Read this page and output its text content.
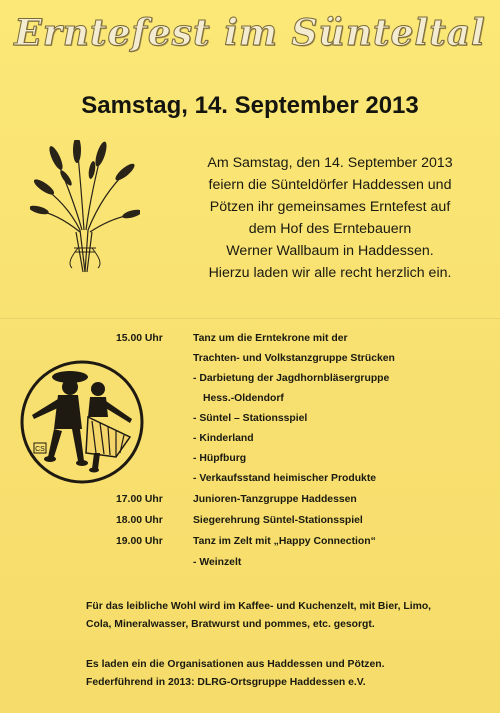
Erntefest im Sünteltal
Samstag, 14. September 2013
Am Samstag, den 14. September 2013
feiern die Sünteldörfer Haddessen und
Pötzen ihr gemeinsames Erntefest auf
dem Hof des Erntebauern
Werner Wallbaum in Haddessen.
Hierzu laden wir alle recht herzlich ein.
CS
15.00 Uhr	Tanz um die Erntekrone mit der
Trachten- und Volkstanzgruppe Strücken
- Darbietung der Jagdhornbläsergruppe
Hess.-Oldendorf
- Süntel – Stationsspiel
- Kinderland
- Hüpfburg
- Verkaufsstand heimischer Produkte
17.00 Uhr	Junioren-Tanzgruppe Haddessen
18.00 Uhr	Siegerehrung Süntel-Stationsspiel
19.00 Uhr	Tanz im Zelt mit „Happy Connection“
- Weinzelt
Für das leibliche Wohl wird im Kaffee- und Kuchenzelt, mit Bier, Limo,
Cola, Mineralwasser, Bratwurst und pommes, etc. gesorgt.
Es laden ein die Organisationen aus Haddessen und Pötzen.
Federführend in 2013: DLRG-Ortsgruppe Haddessen e.V.
